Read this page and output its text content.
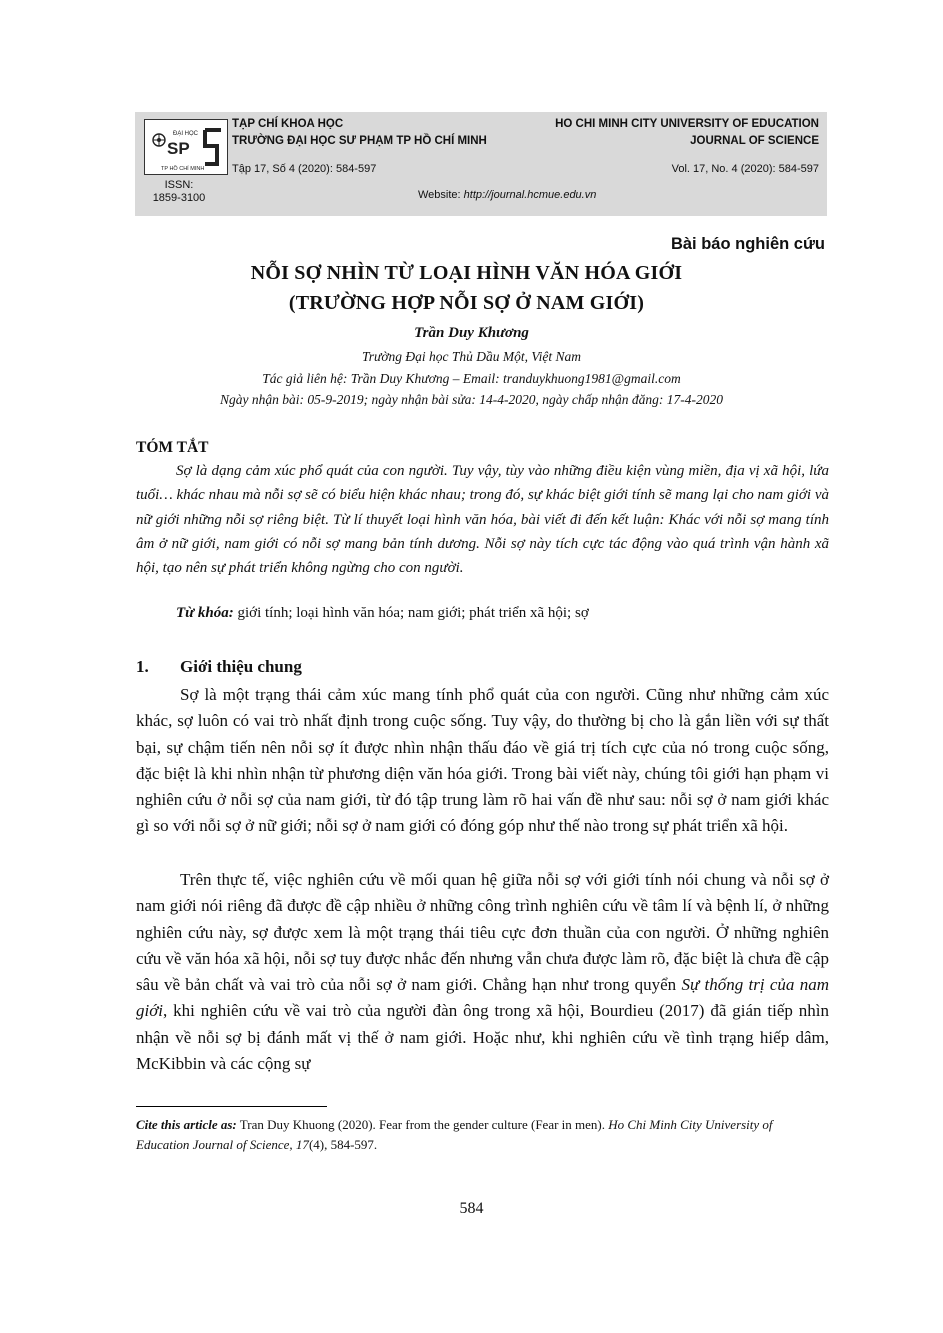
ĐẠI HỌC
SP
TP HỒ CHÍ MINH
TẠP CHÍ KHOA HỌC
TRƯỜNG ĐẠI HỌC SƯ PHẠM TP HỒ CHÍ MINH
Tập 17, Số 4 (2020): 584-597
HO CHI MINH CITY UNIVERSITY OF EDUCATION
JOURNAL OF SCIENCE
Vol. 17, No. 4 (2020): 584-597
ISSN:
1859-3100	Website: http://journal.hcmue.edu.vn
Bài báo nghiên cứu
NỖI SỢ NHÌN TỪ LOẠI HÌNH VĂN HÓA GIỚI
(TRƯỜNG HỢP NỖI SỢ Ở NAM GIỚI)
Trần Duy Khương
Trường Đại học Thủ Dầu Một, Việt Nam
Tác giả liên hệ: Trần Duy Khương – Email: tranduykhuong1981@gmail.com
Ngày nhận bài: 05-9-2019; ngày nhận bài sửa: 14-4-2020, ngày chấp nhận đăng: 17-4-2020
TÓM TẮT

Sợ là dạng cảm xúc phổ quát của con người. Tuy vậy, tùy vào những điều kiện vùng miền, địa vị xã hội, lứa tuổi… khác nhau mà nỗi sợ sẽ có biểu hiện khác nhau; trong đó, sự khác biệt giới tính sẽ mang lại cho nam giới và nữ giới những nỗi sợ riêng biệt. Từ lí thuyết loại hình văn hóa, bài viết đi đến kết luận: Khác với nỗi sợ mang tính âm ở nữ giới, nam giới có nỗi sợ mang bản tính dương. Nỗi sợ này tích cực tác động vào quá trình vận hành xã hội, tạo nên sự phát triển không ngừng cho con người.

Từ khóa: giới tính; loại hình văn hóa; nam giới; phát triển xã hội; sợ
1. Giới thiệu chung

Sợ là một trạng thái cảm xúc mang tính phổ quát của con người. Cũng như những cảm xúc khác, sợ luôn có vai trò nhất định trong cuộc sống. Tuy vậy, do thường bị cho là gắn liền với sự thất bại, sự chậm tiến nên nỗi sợ ít được nhìn nhận thấu đáo về giá trị tích cực của nó trong cuộc sống, đặc biệt là khi nhìn nhận từ phương diện văn hóa giới. Trong bài viết này, chúng tôi giới hạn phạm vi nghiên cứu ở nỗi sợ của nam giới, từ đó tập trung làm rõ hai vấn đề như sau: nỗi sợ ở nam giới khác gì so với nỗi sợ ở nữ giới; nỗi sợ ở nam giới có đóng góp như thế nào trong sự phát triển xã hội.

Trên thực tế, việc nghiên cứu về mối quan hệ giữa nỗi sợ với giới tính nói chung và nỗi sợ ở nam giới nói riêng đã được đề cập nhiều ở những công trình nghiên cứu về tâm lí và bệnh lí, ở những nghiên cứu này, sợ được xem là một trạng thái tiêu cực đơn thuần của con người. Ở những nghiên cứu về văn hóa xã hội, nỗi sợ tuy được nhắc đến nhưng vẫn chưa được làm rõ, đặc biệt là chưa đề cập sâu về bản chất và vai trò của nỗi sợ ở nam giới. Chẳng hạn như trong quyển Sự thống trị của nam giới, khi nghiên cứu về vai trò của người đàn ông trong xã hội, Bourdieu (2017) đã gián tiếp nhìn nhận về nỗi sợ bị đánh mất vị thế ở nam giới. Hoặc như, khi nghiên cứu về tình trạng hiếp dâm, McKibbin và các cộng sự

Cite this article as: Tran Duy Khuong (2020). Fear from the gender culture (Fear in men). Ho Chi Minh City University of Education Journal of Science, 17(4), 584-597.

584
